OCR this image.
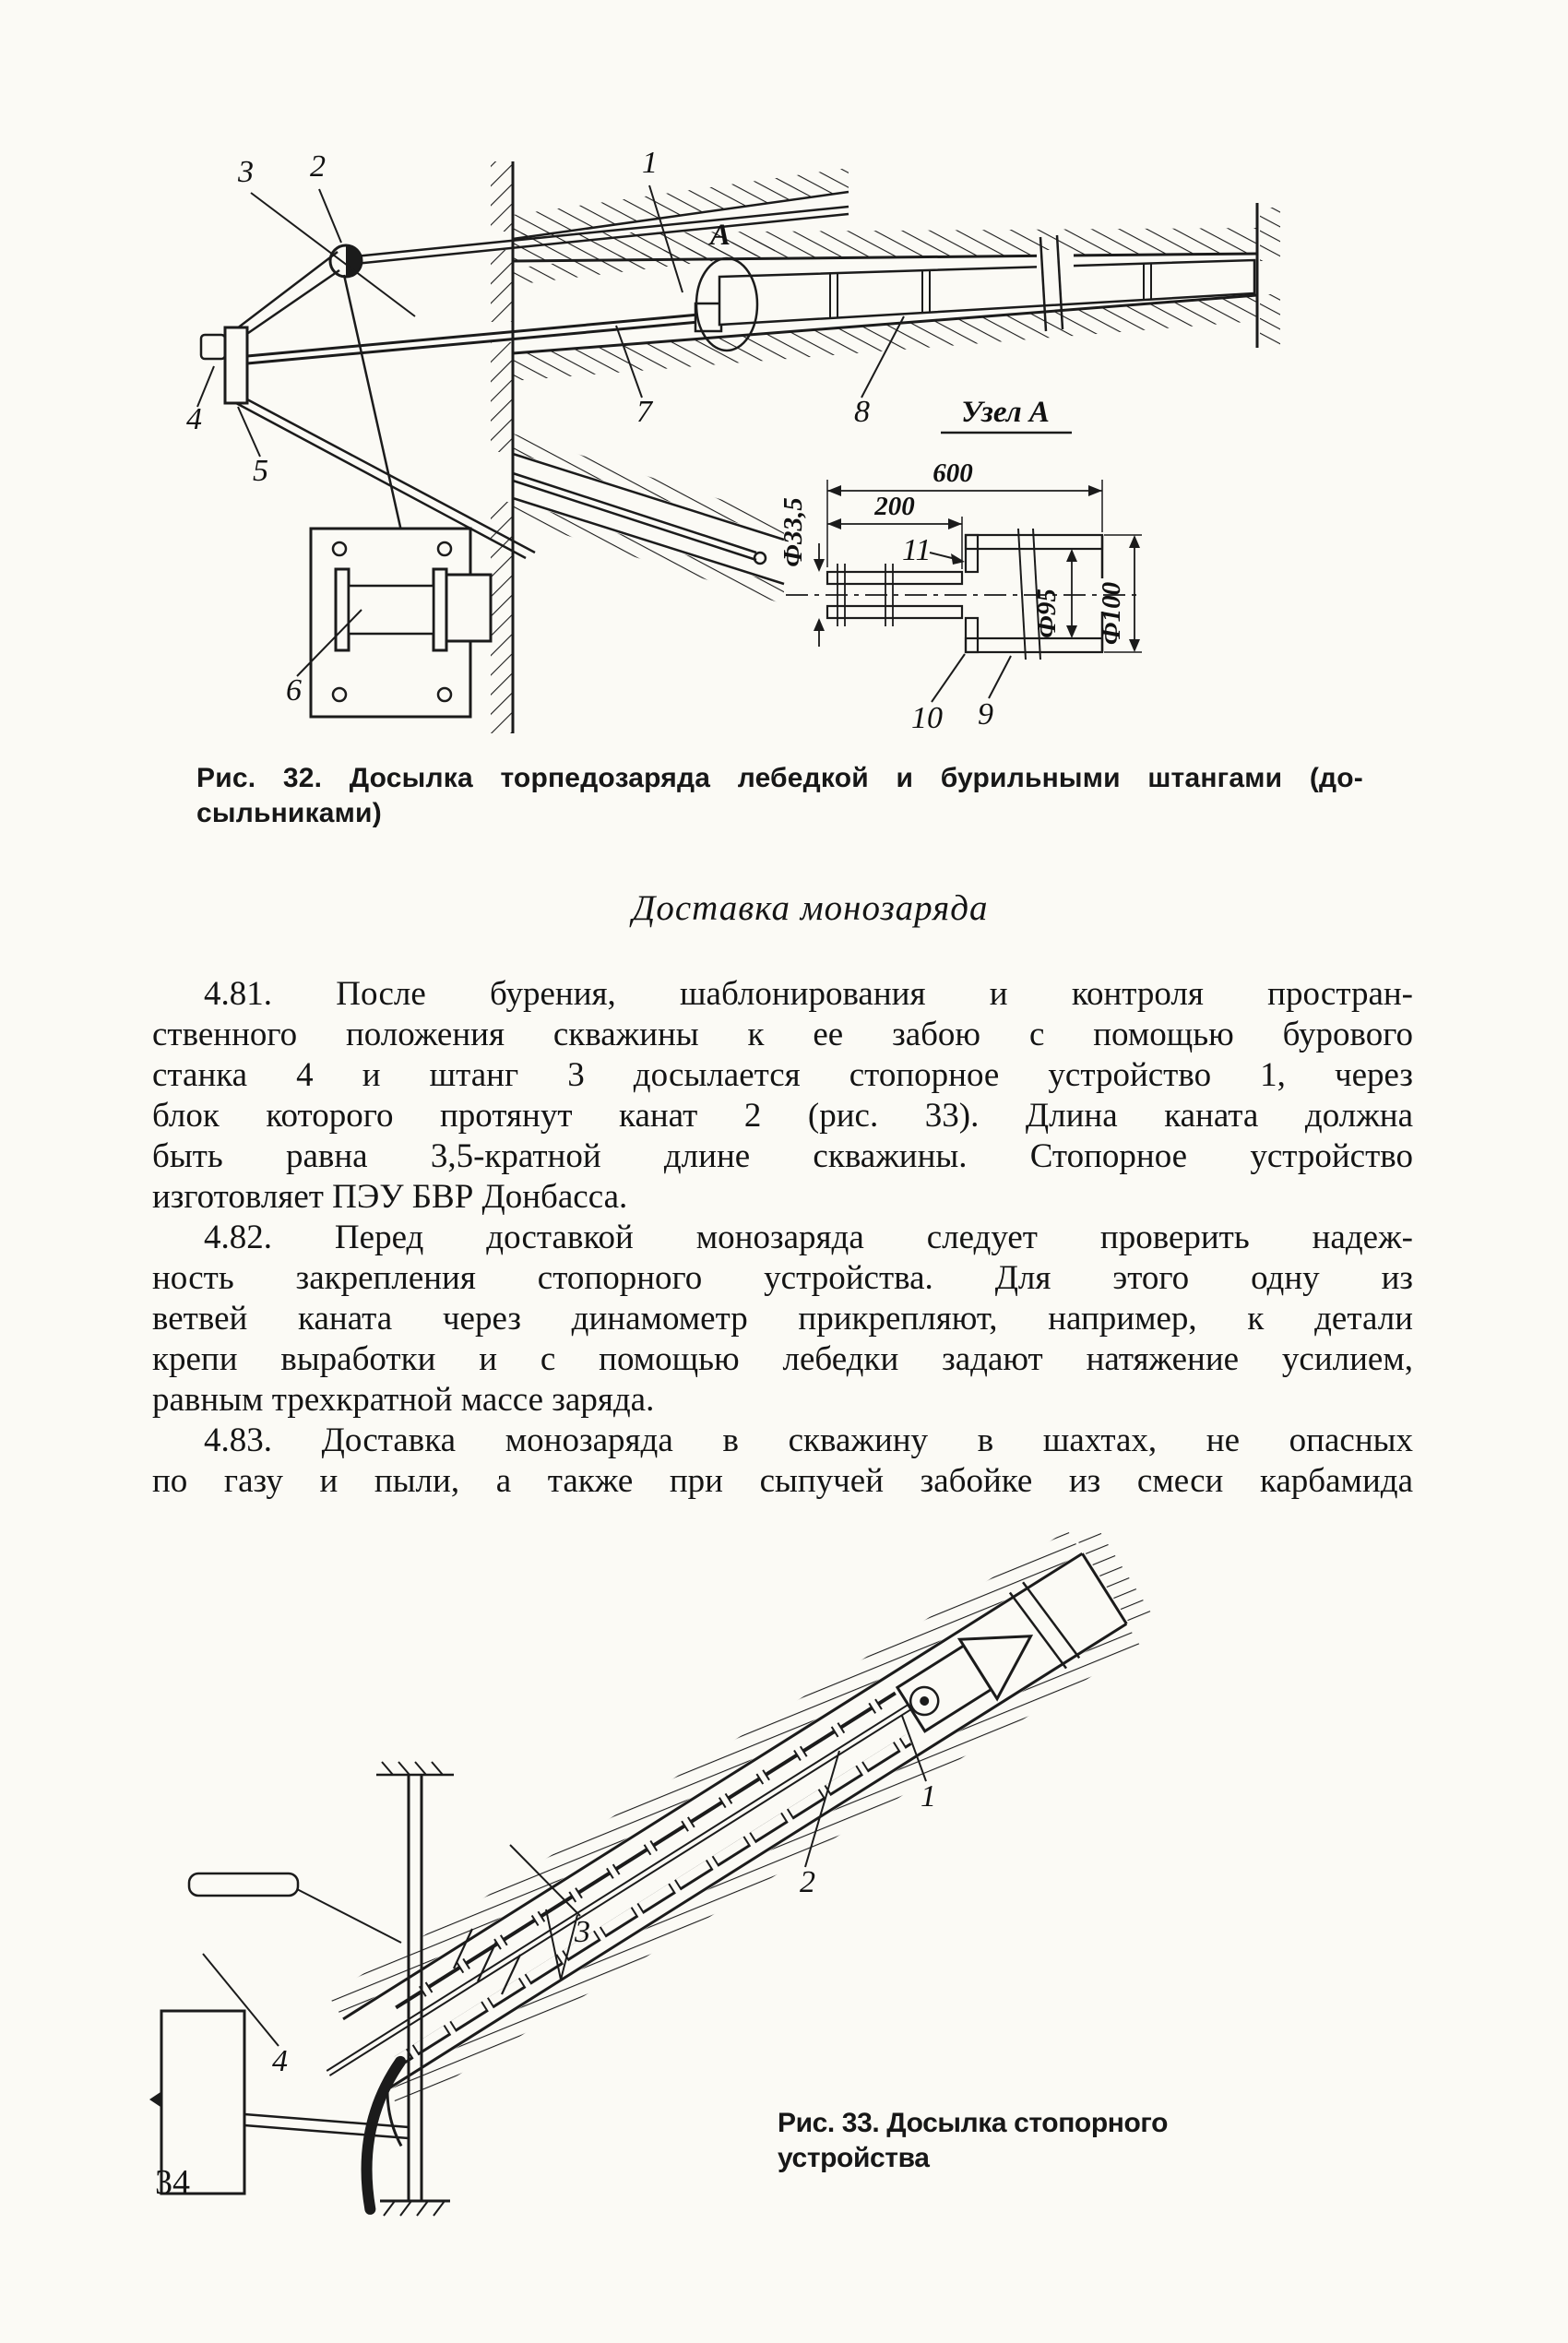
3 2	1
4
5
6
7	8
A
Узел А
600
200
Ф33,5
Ф95 Ф100
11
10 9
Рис. 32. Досылка торпедозаряда лебедкой и бурильными штангами (до-
сыльниками)
Доставка монозаряда
4.81. После бурения, шаблонирования и контроля простран-
ственного положения скважины к ее забою с помощью бурового
станка 4 и штанг 3 досылается стопорное устройство 1, через
блок которого протянут канат 2 (рис. 33). Длина каната должна
быть равна 3,5-кратной длине скважины. Стопорное устройство
изготовляет ПЭУ БВР Донбасса.
4.82. Перед доставкой монозаряда следует проверить надеж-
ность закрепления стопорного устройства. Для этого одну из
ветвей каната через динамометр прикрепляют, например, к детали
крепи выработки и с помощью лебедки задают натяжение усилием,
равным трехкратной массе заряда.
4.83. Доставка монозаряда в скважину в шахтах, не опасных
по газу и пыли, а также при сыпучей забойке из смеси карбамида
1
2
3
4
Рис. 33. Досылка стопорного устройства
34
